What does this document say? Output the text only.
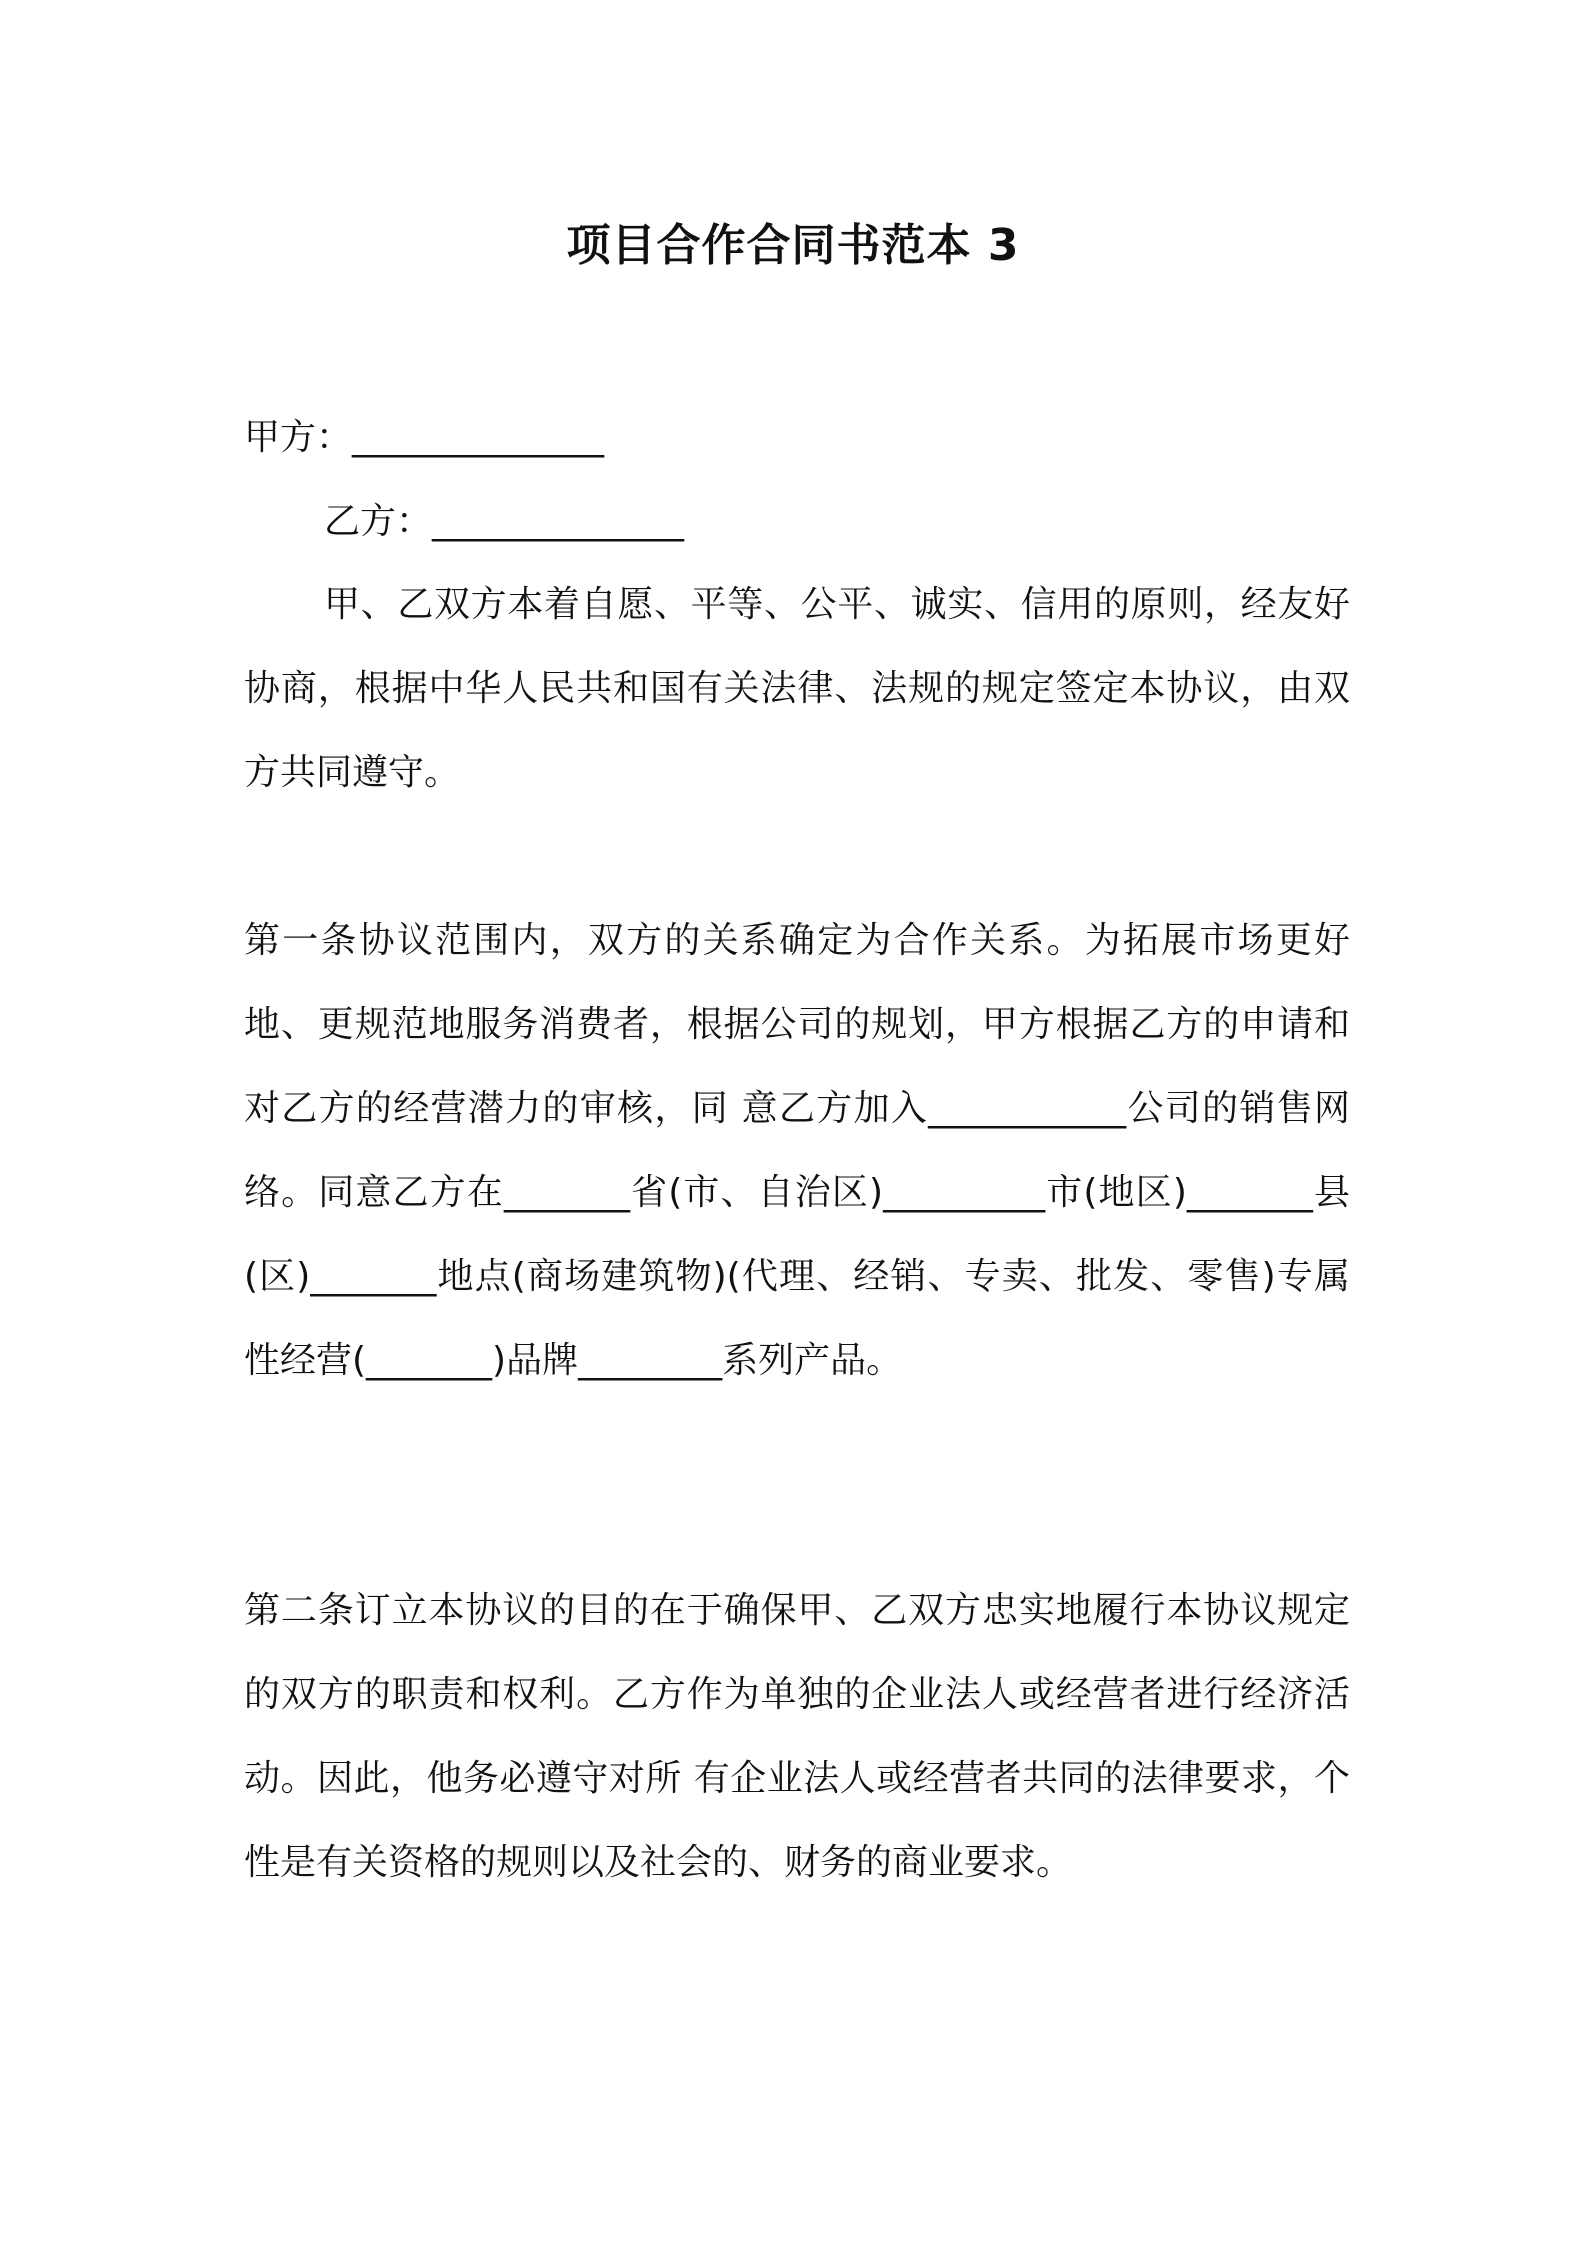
项目合作合同书范本 3
甲方：______________
乙方：______________
甲、乙双方本着自愿、平等、公平、诚实、信用的原则，经友好协商，根据中华人民共和国有关法律、法规的规定签定本协议，由双方共同遵守。
第一条协议范围内，双方的关系确定为合作关系。为拓展市场更好地、更规范地服务消费者，根据公司的规划，甲方根据乙方的申请和对乙方的经营潜力的审核，同 意乙方加入___________公司的销售网络。同意乙方在_______省(市、自治区)_________市(地区)_______县 (区)_______地点(商场建筑物)(代理、经销、专卖、批发、零售)专属性经营(_______)品牌________系列产品。
第二条订立本协议的目的在于确保甲、乙双方忠实地履行本协议规定的双方的职责和权利。乙方作为单独的企业法人或经营者进行经济活动。因此，他务必遵守对所 有企业法人或经营者共同的法律要求，个性是有关资格的规则以及社会的、财务的商业要求。
